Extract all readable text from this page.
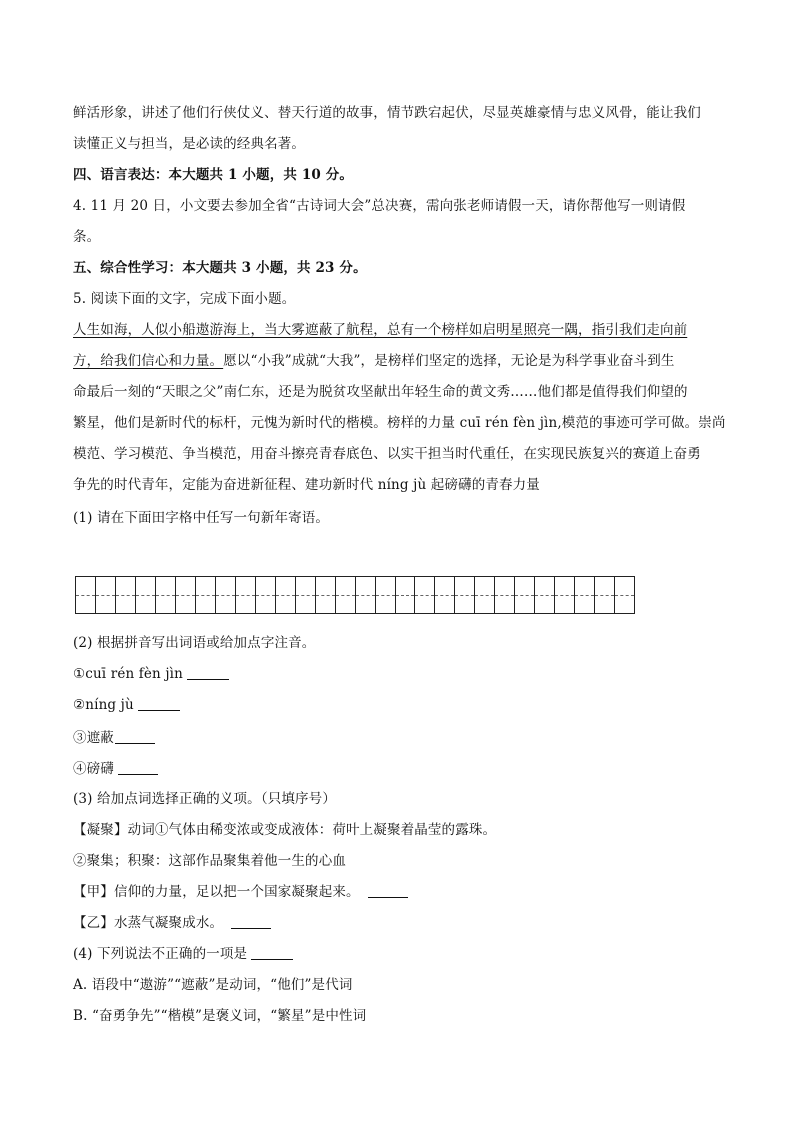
鲜活形象，讲述了他们行侠仗义、替天行道的故事，情节跌宕起伏，尽显英雄豪情与忠义风骨，能让我们
读懂正义与担当，是必读的经典名著。
四、语言表达：本大题共 1 小题，共 10 分。
4. 11 月 20 日，小文要去参加全省“古诗词大会”总决赛，需向张老师请假一天，请你帮他写一则请假
条。
五、综合性学习：本大题共 3 小题，共 23 分。
5. 阅读下面的文字，完成下面小题。
人生如海，人似小船遨游海上，当大雾遮蔽了航程，总有一个榜样如启明星照亮一隅，指引我们走向前
方，给我们信心和力量。愿以“小我”成就“大我”，是榜样们坚定的选择，无论是为科学事业奋斗到生
命最后一刻的“天眼之父”南仁东，还是为脱贫攻坚献出年轻生命的黄文秀……他们都是值得我们仰望的
繁星，他们是新时代的标杆，元愧为新时代的楷模。榜样的力量 cuī rén fèn jìn,模范的事迹可学可做。崇尚
模范、学习模范、争当模范，用奋斗擦亮青春底色、以实干担当时代重任，在实现民族复兴的赛道上奋勇
争先的时代青年，定能为奋进新征程、建功新时代 níng jù 起磅礴的青春力量
(1) 请在下面田字格中任写一句新年寄语。
(2) 根据拼音写出词语或给加点字注音。
①cuī rén fèn jìn
②níng jù
③遮蔽
④磅礴
(3) 给加点词选择正确的义项。（只填序号）
【凝聚】动词①气体由稀变浓或变成液体：荷叶上凝聚着晶莹的露珠。
②聚集；积聚：这部作品聚集着他一生的心血
【甲】信仰的力量，足以把一个国家凝聚起来。
【乙】水蒸气凝聚成水。
(4) 下列说法不正确的一项是
A. 语段中“遨游”“遮蔽”是动词，“他们”是代词
B. “奋勇争先”“楷模”是褒义词，“繁星”是中性词
